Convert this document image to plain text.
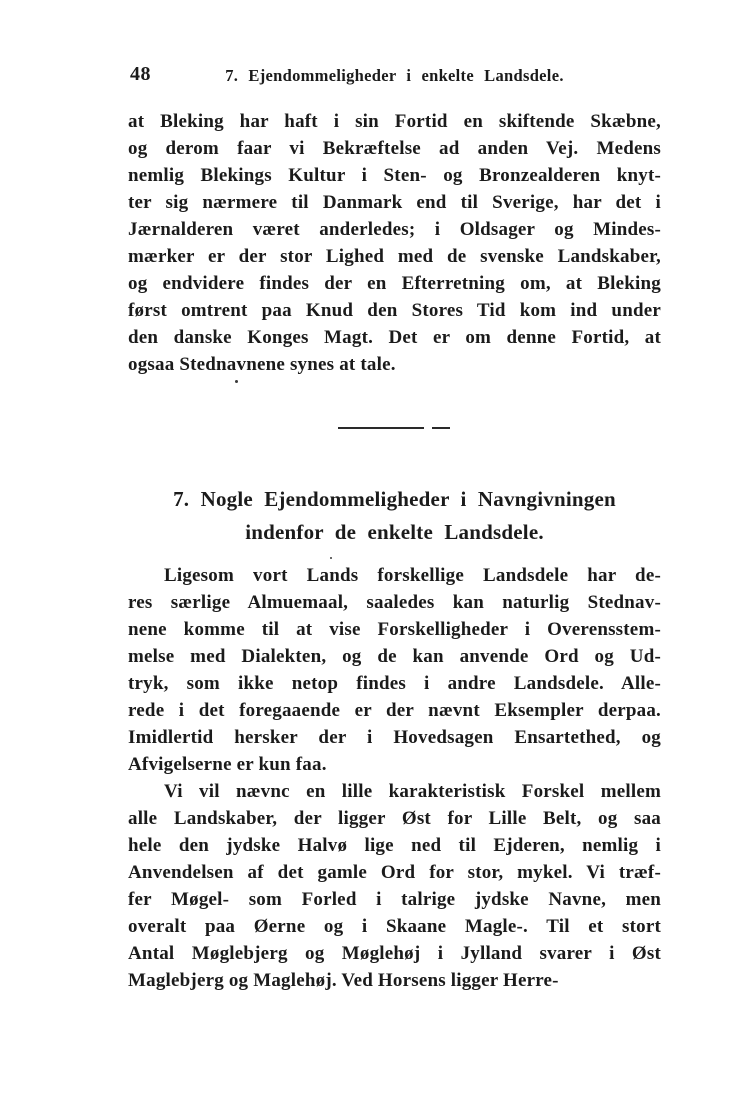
48	7. Ejendommeligheder i enkelte Landsdele.
at Bleking har haft i sin Fortid en skiftende Skæbne,
og derom faar vi Bekræftelse ad anden Vej. Medens
nemlig Blekings Kultur i Sten- og Bronzealderen knyt-
ter sig nærmere til Danmark end til Sverige, har det i
Jærnalderen været anderledes; i Oldsager og Mindes-
mærker er der stor Lighed med de svenske Landskaber,
og endvidere findes der en Efterretning om, at Bleking
først omtrent paa Knud den Stores Tid kom ind under
den danske Konges Magt. Det er om denne Fortid, at
ogsaa Stednavnene synes at tale.
7. Nogle Ejendommeligheder i Navngivningen
indenfor de enkelte Landsdele.
Ligesom vort Lands forskellige Landsdele har de-
res særlige Almuemaal, saaledes kan naturlig Stednav-
nene komme til at vise Forskelligheder i Overensstem-
melse med Dialekten, og de kan anvende Ord og Ud-
tryk, som ikke netop findes i andre Landsdele. Alle-
rede i det foregaaende er der nævnt Eksempler derpaa.
Imidlertid hersker der i Hovedsagen Ensartethed, og
Afvigelserne er kun faa.
Vi vil nævnc en lille karakteristisk Forskel mellem
alle Landskaber, der ligger Øst for Lille Belt, og saa
hele den jydske Halvø lige ned til Ejderen, nemlig i
Anvendelsen af det gamle Ord for stor, mykel. Vi træf-
fer Møgel- som Forled i talrige jydske Navne, men
overalt paa Øerne og i Skaane Magle-. Til et stort
Antal Møglebjerg og Møglehøj i Jylland svarer i Øst
Maglebjerg og Maglehøj. Ved Horsens ligger Herre-
